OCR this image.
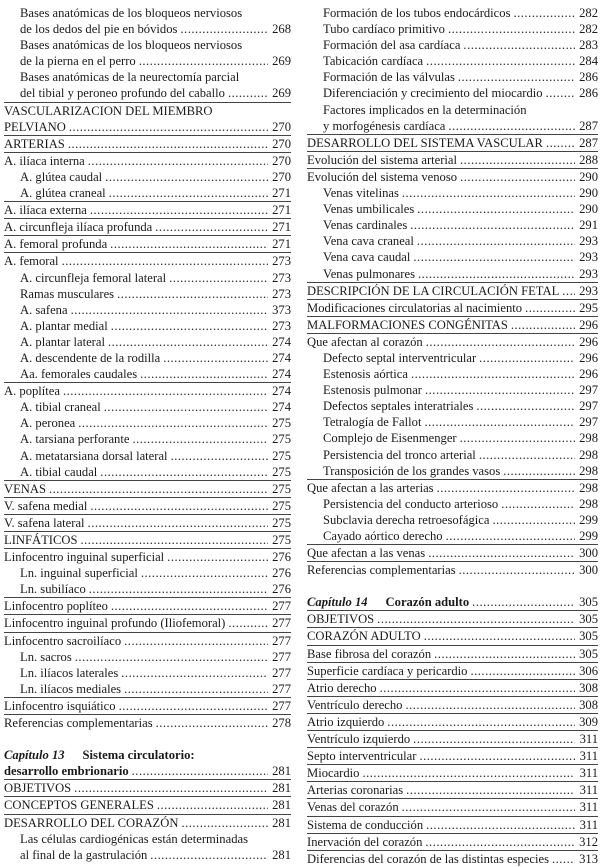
Bases anatómicas de los bloqueos nerviosos
de los dedos del pie en bóvidos .....	268
Bases anatómicas de los bloqueos nerviosos
de la pierna en el perro .....	269
Bases anatómicas de la neurectomía parcial
del tibial y peroneo profundo del caballo .....	269
VASCULARIZACION DEL MIEMBRO
PELVIANO .....	270
ARTERIAS .....	270
A. ilíaca interna .....	270
A. glútea caudal .....	270
A. glútea craneal .....	271
A. ilíaca externa .....	271
A. circunfleja ilíaca profunda .....	271
A. femoral profunda .....	271
A. femoral .....	273
A. circunfleja femoral lateral .....	273
Ramas musculares .....	273
A. safena .....	373
A. plantar medial .....	273
A. plantar lateral .....	274
A. descendente de la rodilla .....	274
Aa. femorales caudales .....	274
A. poplítea .....	274
A. tibial craneal .....	274
A. peronea .....	275
A. tarsiana perforante .....	275
A. metatarsiana dorsal lateral .....	275
A. tibial caudal .....	275
VENAS .....	275
V. safena medial .....	275
V. safena lateral .....	275
LINFÁTICOS .....	275
Linfocentro inguinal superficial .....	276
Ln. inguinal superficial .....	276
Ln. subilíaco .....	276
Linfocentro poplíteo .....	277
Linfocentro inguinal profundo (Iliofemoral) .....	277
Linfocentro sacroilíaco .....	277
Ln. sacros .....	277
Ln. ilíacos laterales .....	277
Ln. ilíacos mediales .....	277
Linfocentro isquiático .....	277
Referencias complementarias .....	278
Capítulo 13 Sistema circulatorio:
desarrollo embrionario .....	281
OBJETIVOS .....	281
CONCEPTOS GENERALES .....	281
DESARROLLO DEL CORAZÓN .....	281
Las células cardiogénicas están determinadas
al final de la gastrulación .....	281
Formación de los tubos endocárdicos .....	282
Tubo cardíaco primitivo .....	282
Formación del asa cardíaca .....	283
Tabicación cardíaca .....	284
Formación de las válvulas .....	286
Diferenciación y crecimiento del miocardio .....	286
Factores implicados en la determinación
y morfogénesis cardíaca .....	287
DESARROLLO DEL SISTEMA VASCULAR .....	287
Evolución del sistema arterial .....	288
Evolución del sistema venoso .....	290
Venas vitelinas .....	290
Venas umbilicales .....	290
Venas cardinales .....	291
Vena cava craneal .....	293
Vena cava caudal .....	293
Venas pulmonares .....	293
DESCRIPCIÓN DE LA CIRCULACIÓN FETAL ..... 293
Modificaciones circulatorias al nacimiento .....	295
MALFORMACIONES CONGÉNITAS .....	296
Que afectan al corazón .....	296
Defecto septal interventricular .....	296
Estenosis aórtica .....	296
Estenosis pulmonar .....	297
Defectos septales interatriales .....	297
Tetralogía de Fallot .....	297
Complejo de Eisenmenger .....	298
Persistencia del tronco arterial .....	298
Transposición de los grandes vasos .....	298
Que afectan a las arterias .....	298
Persistencia del conducto arterioso .....	298
Subclavia derecha retroesofágica .....	299
Cayado aórtico derecho .....	299
Que afectan a las venas .....	300
Referencias complementarias .....	300
Capítulo 14 Corazón adulto .....	305
OBJETIVOS .....	305
CORAZÓN ADULTO .....	305
Base fibrosa del corazón .....	305
Superficie cardíaca y pericardio .....	306
Atrio derecho .....	308
Ventrículo derecho .....	308
Atrio izquierdo .....	309
Ventrículo izquierdo .....	311
Septo interventricular .....	311
Miocardio .....	311
Arterias coronarias .....	311
Venas del corazón .....	311
Sistema de conducción .....	311
Inervación del corazón .....	312
Diferencias del corazón de las distintas especies ..... 313
